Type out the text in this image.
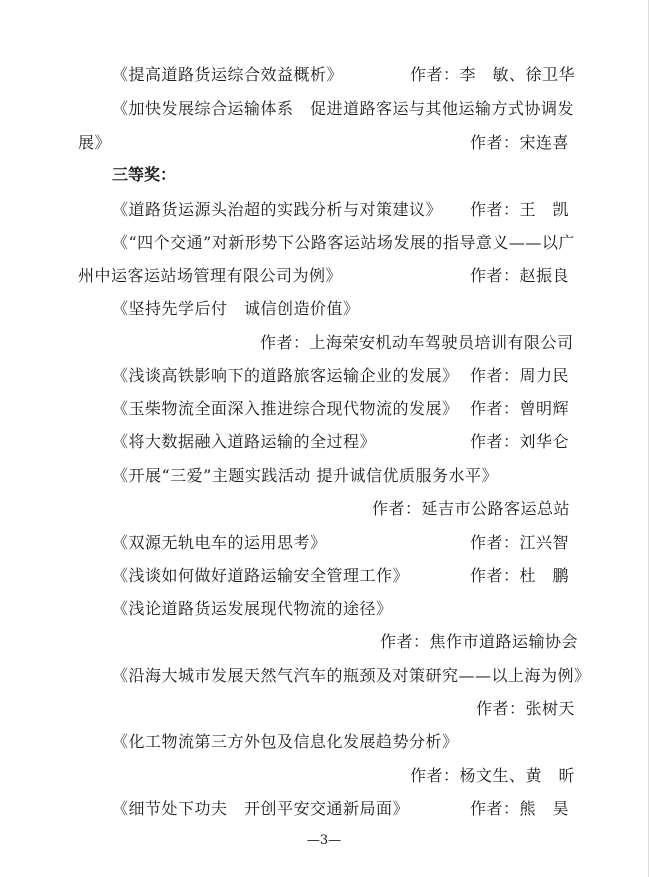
《提高道路货运综合效益概析》	作者：李　敏、徐卫华
《加快发展综合运输体系　促进道路客运与其他运输方式协调发
展》	作者：宋连喜
三等奖：
《道路货运源头治超的实践分析与对策建议》 作者：王　凯
《“四个交通”对新形势下公路客运站场发展的指导意义——以广
州中运客运站场管理有限公司为例》	作者：赵振良
《坚持先学后付　诚信创造价值》
作者：上海荣安机动车驾驶员培训有限公司
《浅谈高铁影响下的道路旅客运输企业的发展》 作者：周力民
《玉柴物流全面深入推进综合现代物流的发展》 作者：曾明辉
《将大数据融入道路运输的全过程》	作者：刘华仑
《开展“三爱”主题实践活动 提升诚信优质服务水平》
作者：延吉市公路客运总站
《双源无轨电车的运用思考》	作者：江兴智
《浅谈如何做好道路运输安全管理工作》	作者：杜　鹏
《浅论道路货运发展现代物流的途径》
作者：焦作市道路运输协会
《沿海大城市发展天然气汽车的瓶颈及对策研究——以上海为例》
作者：张树天
《化工物流第三方外包及信息化发展趋势分析》
作者：杨文生、黄　昕
《细节处下功夫　开创平安交通新局面》	作者：熊　昊
—3—
